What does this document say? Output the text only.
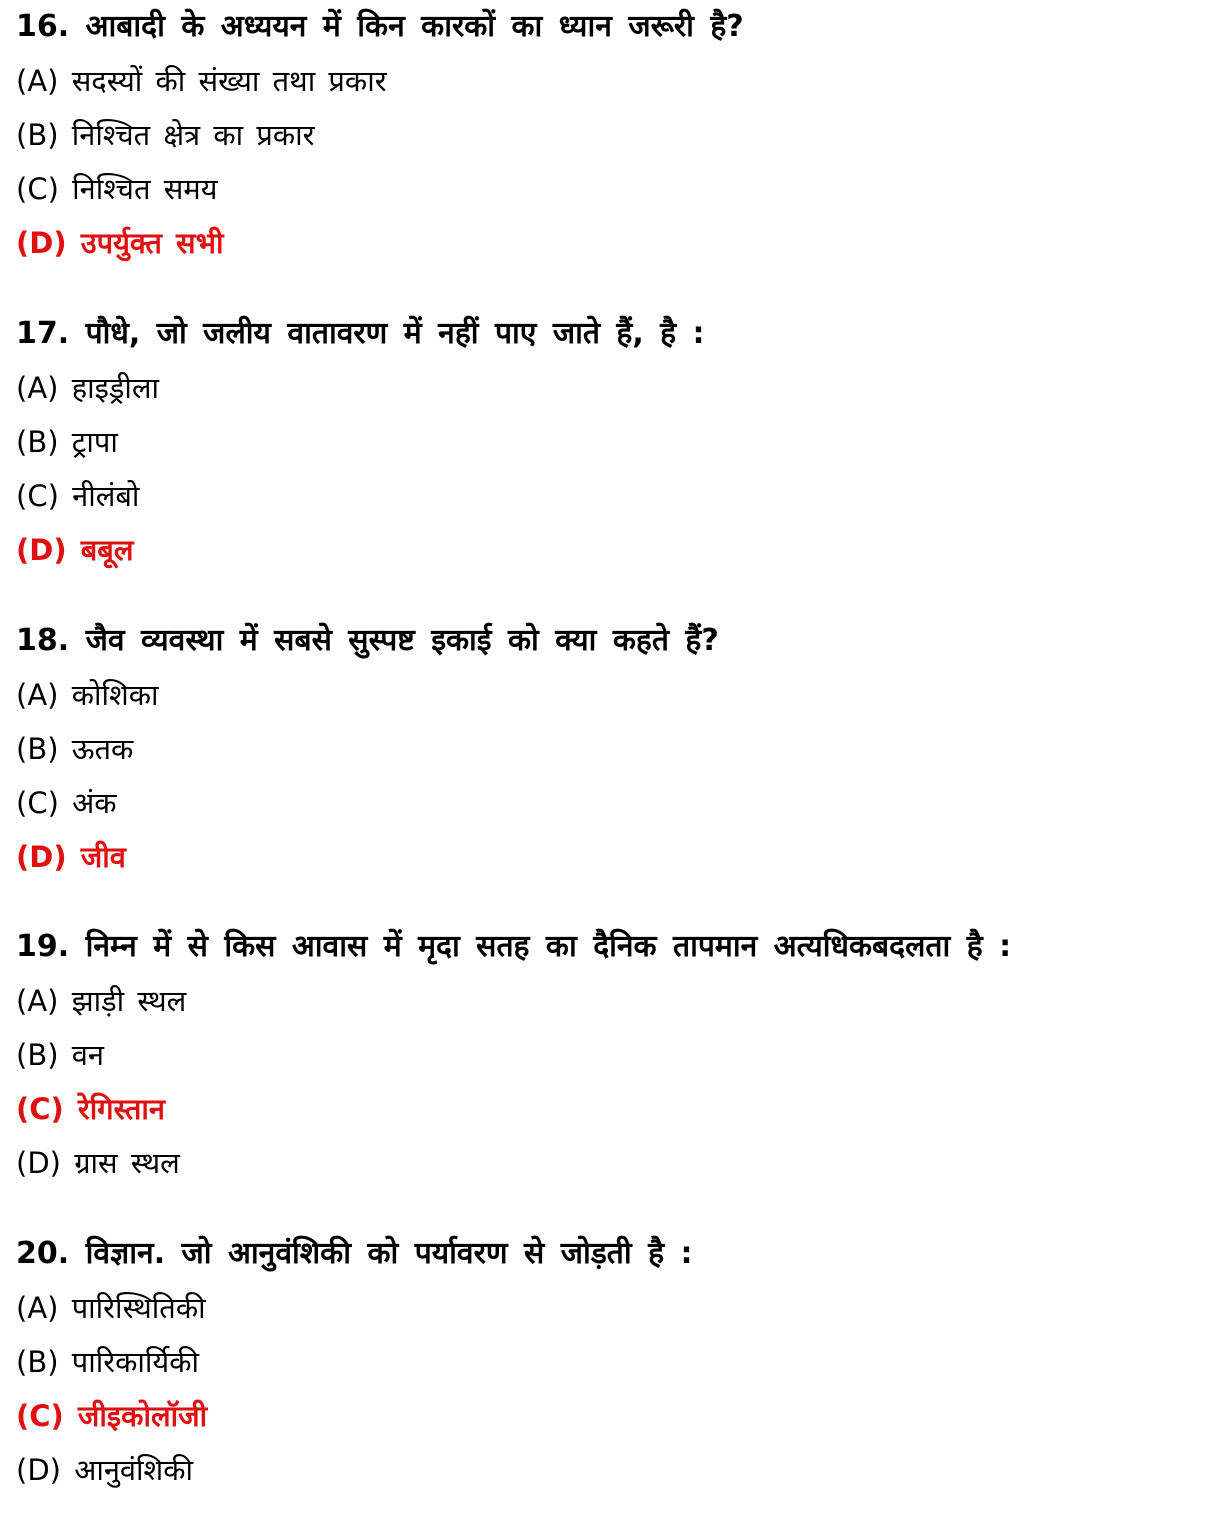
16. आबादी के अध्ययन में किन कारकों का ध्यान जरूरी है?
(A) सदस्यों की संख्या तथा प्रकार
(B) निश्चित क्षेत्र का प्रकार
(C) निश्चित समय
(D) उपर्युक्त सभी
17. पौधे, जो जलीय वातावरण में नहीं पाए जाते हैं, है :
(A) हाइड्रीला
(B) ट्रापा
(C) नीलंबो
(D) बबूल
18. जैव व्यवस्था में सबसे सुस्पष्ट इकाई को क्या कहते हैं?
(A) कोशिका
(B) ऊतक
(C) अंक
(D) जीव
19. निम्न में से किस आवास में मृदा सतह का दैनिक तापमान अत्यधिकबदलता है :
(A) झाड़ी स्थल
(B) वन
(C) रेगिस्तान
(D) ग्रास स्थल
20. विज्ञान. जो आनुवंशिकी को पर्यावरण से जोड़ती है :
(A) पारिस्थितिकी
(B) पारिकार्यिकी
(C) जीइकोलॉजी
(D) आनुवंशिकी
